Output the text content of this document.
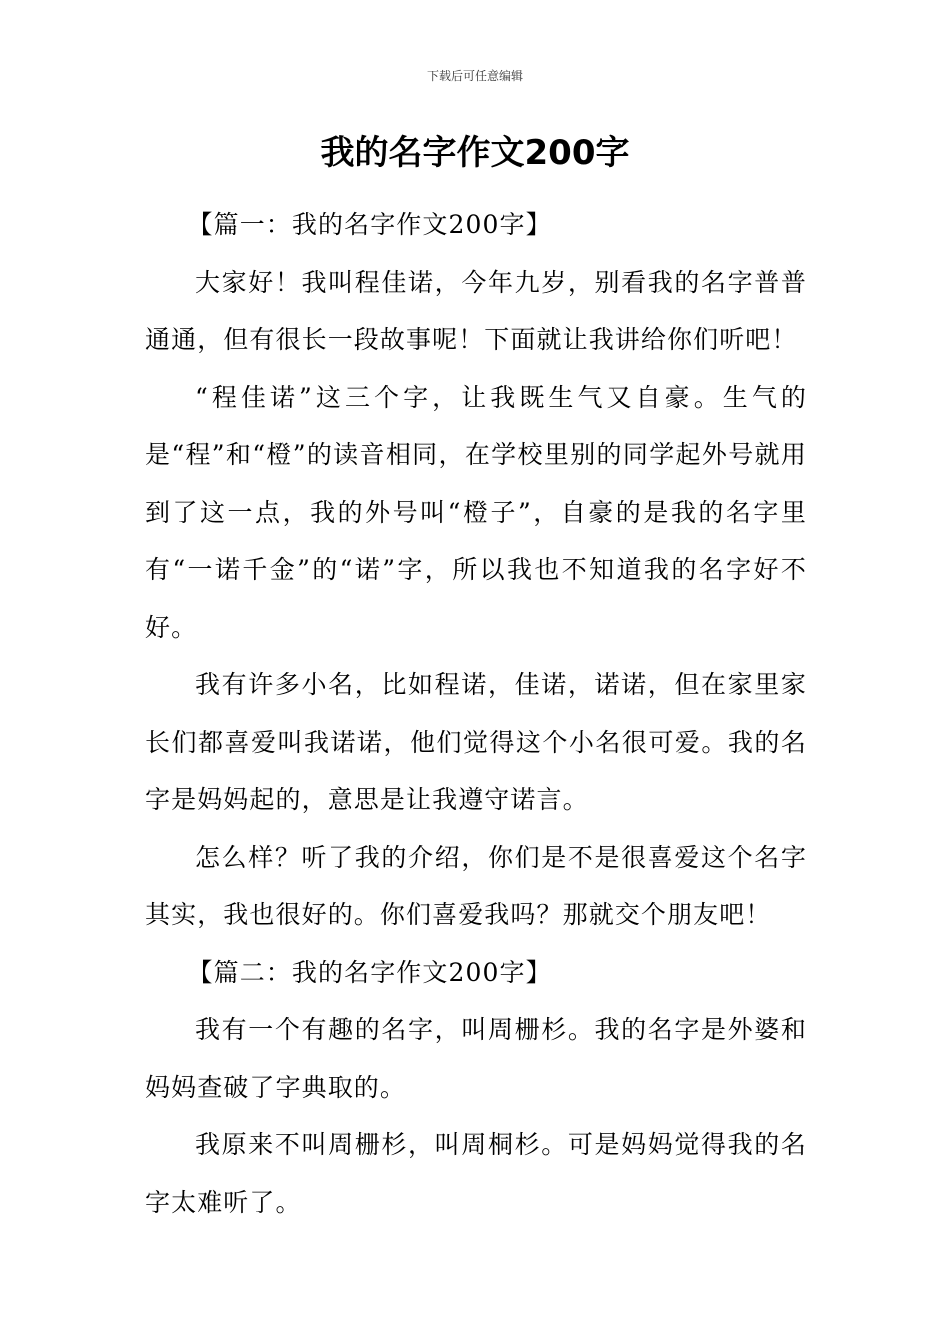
下载后可任意编辑
我的名字作文200字

【篇一：我的名字作文200字】

大家好！我叫程佳诺，今年九岁，别看我的名字普普通通，但有很长一段故事呢！下面就让我讲给你们听吧！

“程佳诺”这三个字，让我既生气又自豪。生气的是“程”和“橙”的读音相同，在学校里别的同学起外号就用到了这一点，我的外号叫“橙子”，自豪的是我的名字里有“一诺千金”的“诺”字，所以我也不知道我的名字好不好。

我有许多小名，比如程诺，佳诺，诺诺，但在家里家长们都喜爱叫我诺诺，他们觉得这个小名很可爱。我的名字是妈妈起的，意思是让我遵守诺言。

怎么样？听了我的介绍，你们是不是很喜爱这个名字其实，我也很好的。你们喜爱我吗？那就交个朋友吧！

【篇二：我的名字作文200字】

我有一个有趣的名字，叫周栅杉。我的名字是外婆和妈妈查破了字典取的。

我原来不叫周栅杉，叫周桐杉。可是妈妈觉得我的名字太难听了。
